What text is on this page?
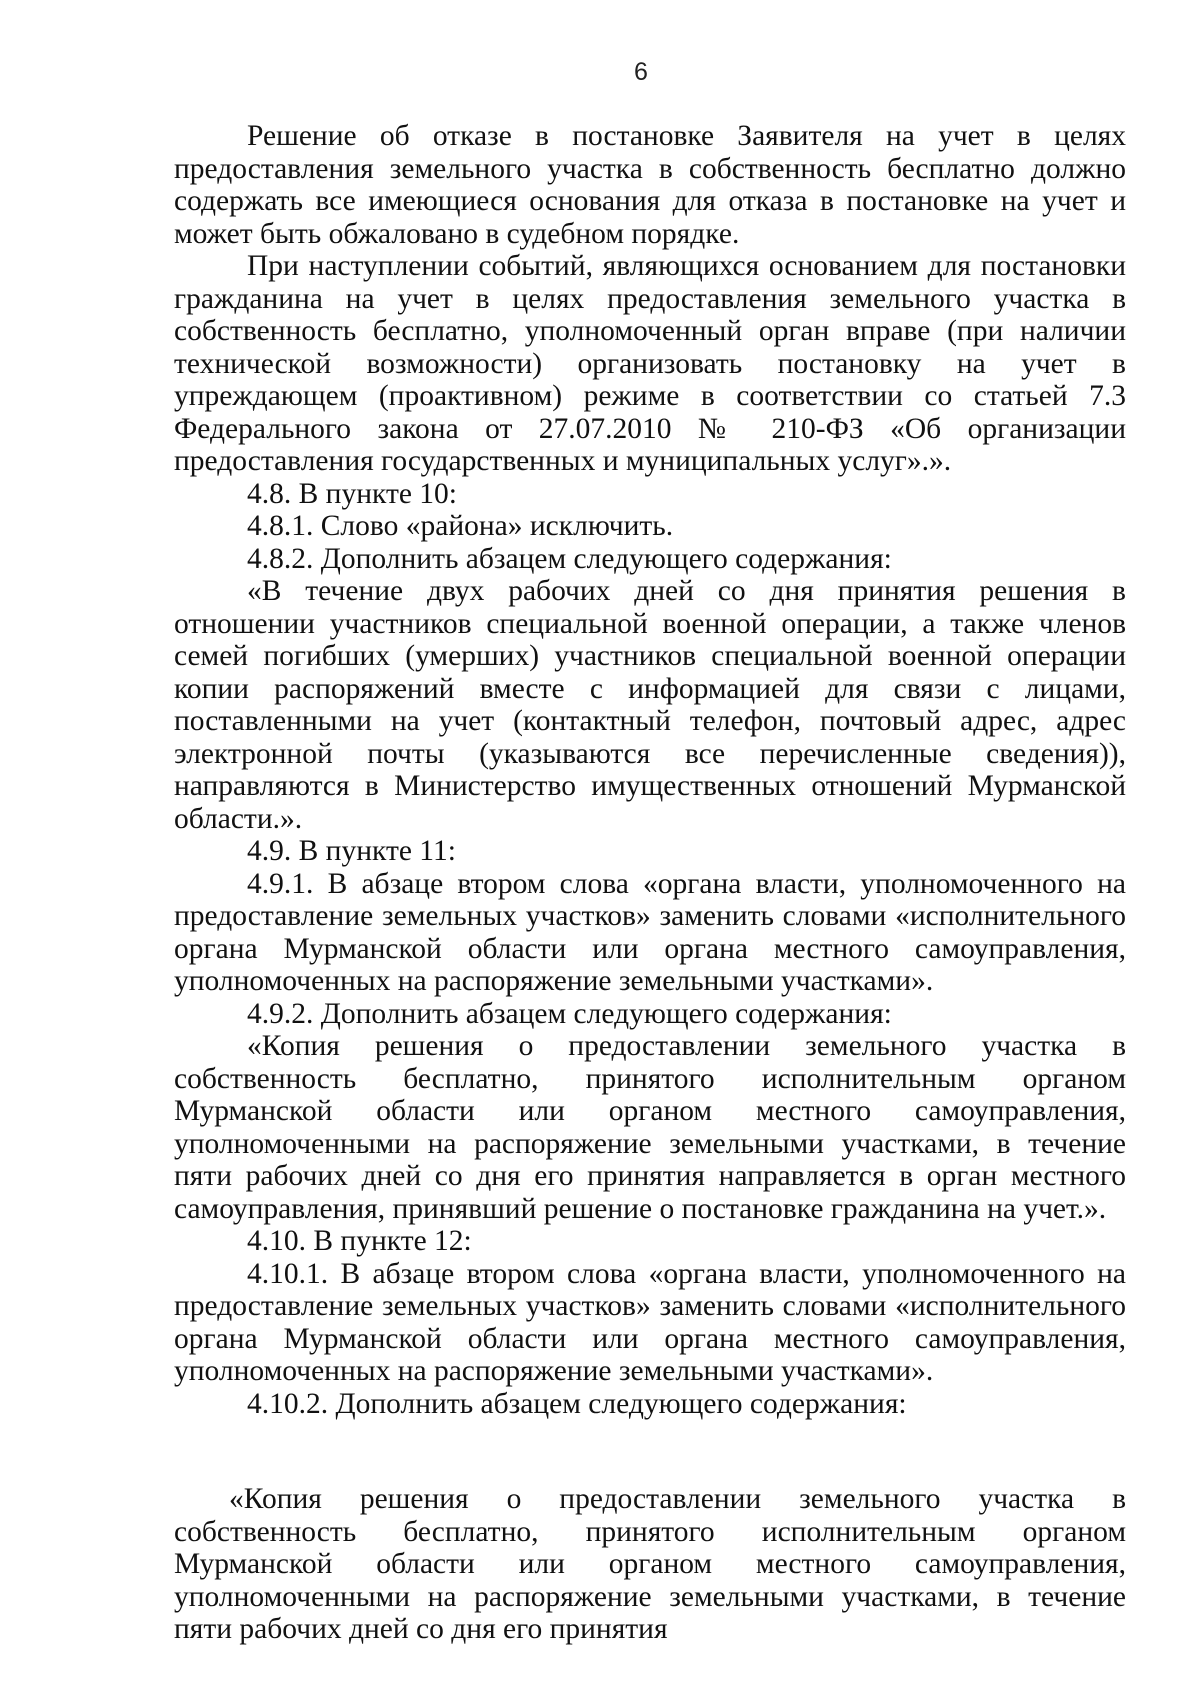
6

Решение об отказе в постановке Заявителя на учет в целях предоставления земельного участка в собственность бесплатно должно содержать все имеющиеся основания для отказа в постановке на учет и может быть обжаловано в судебном порядке.

При наступлении событий, являющихся основанием для постановки гражданина на учет в целях предоставления земельного участка в собственность бесплатно, уполномоченный орган вправе (при наличии технической возможности) организовать постановку на учет в упреждающем (проактивном) режиме в соответствии со статьей 7.3 Федерального закона от 27.07.2010 № 210-ФЗ «Об организации предоставления государственных и муниципальных услуг».».

4.8. В пункте 10:

4.8.1. Слово «района» исключить.

4.8.2. Дополнить абзацем следующего содержания:

«В течение двух рабочих дней со дня принятия решения в отношении участников специальной военной операции, а также членов семей погибших (умерших) участников специальной военной операции копии распоряжений вместе с информацией для связи с лицами, поставленными на учет (контактный телефон, почтовый адрес, адрес электронной почты (указываются все перечисленные сведения)), направляются в Министерство имущественных отношений Мурманской области.».

4.9. В пункте 11:

4.9.1. В абзаце втором слова «органа власти, уполномоченного на предоставление земельных участков» заменить словами «исполнительного органа Мурманской области или органа местного самоуправления, уполномоченных на распоряжение земельными участками».

4.9.2. Дополнить абзацем следующего содержания:

«Копия решения о предоставлении земельного участка в собственность бесплатно, принятого исполнительным органом Мурманской области или органом местного самоуправления, уполномоченными на распоряжение земельными участками, в течение пяти рабочих дней со дня его принятия направляется в орган местного самоуправления, принявший решение о постановке гражданина на учет.».

4.10. В пункте 12:

4.10.1. В абзаце втором слова «органа власти, уполномоченного на предоставление земельных участков» заменить словами «исполнительного органа Мурманской области или органа местного самоуправления, уполномоченных на распоряжение земельными участками».

4.10.2. Дополнить абзацем следующего содержания:

«Копия решения о предоставлении земельного участка в собственность бесплатно, принятого исполнительным органом Мурманской области или органом местного самоуправления, уполномоченными на распоряжение земельными участками, в течение пяти рабочих дней со дня его принятия
